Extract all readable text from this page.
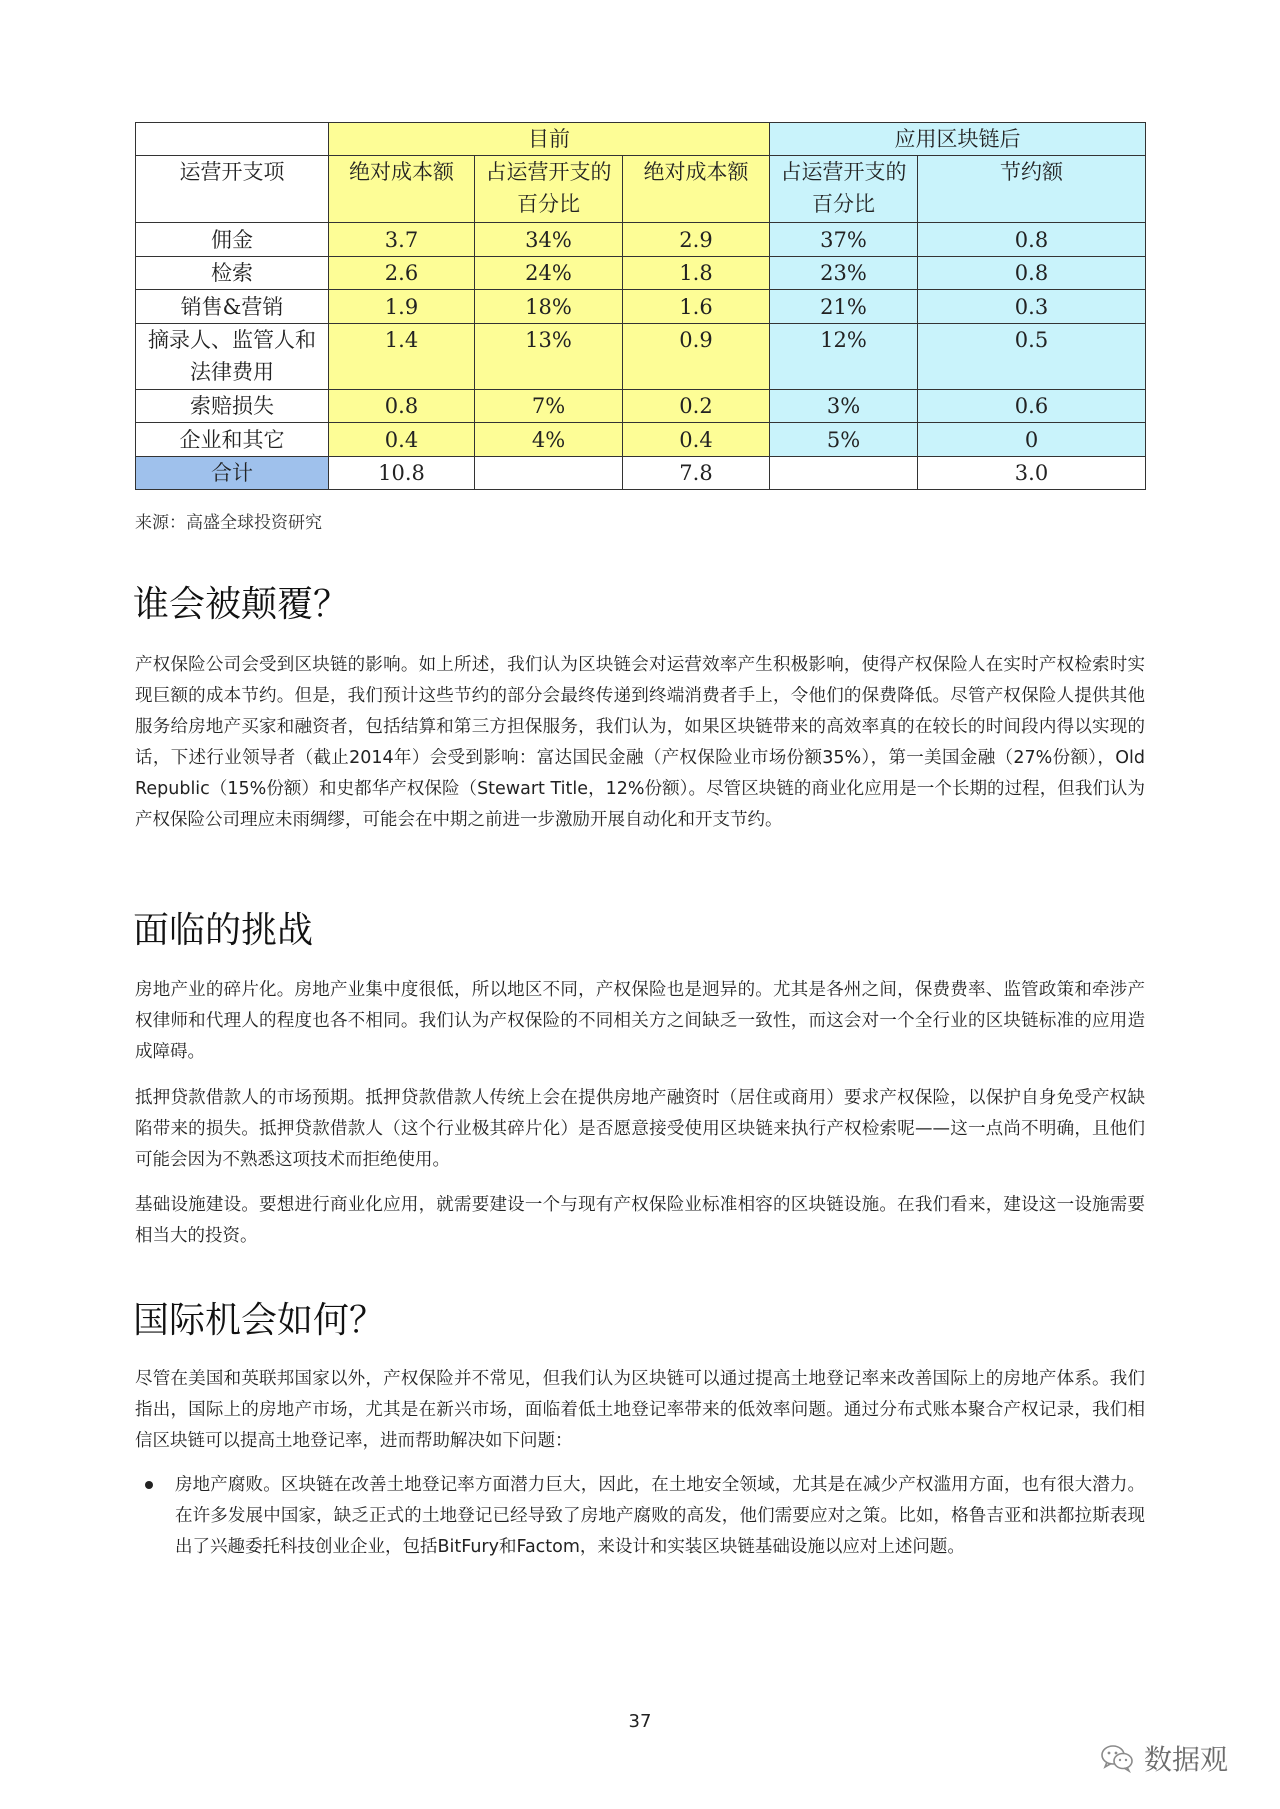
	目前			应用区块链后	
运营开支项	绝对成本额	占运营开支的百分比	绝对成本额	占运营开支的百分比	节约额
佣金	3.7	34%	2.9	37%	0.8
检索	2.6	24%	1.8	23%	0.8
销售&营销	1.9	18%	1.6	21%	0.3
摘录人、监管人和法律费用	1.4	13%	0.9	12%	0.5
索赔损失	0.8	7%	0.2	3%	0.6
企业和其它	0.4	4%	0.4	5%	0
合计	10.8		7.8		3.0
来源：高盛全球投资研究
谁会被颠覆？

产权保险公司会受到区块链的影响。如上所述，我们认为区块链会对运营效率产生积极影响，使得产权保险人在实时产权检索时实现巨额的成本节约。但是，我们预计这些节约的部分会最终传递到终端消费者手上，令他们的保费降低。尽管产权保险人提供其他服务给房地产买家和融资者，包括结算和第三方担保服务，我们认为，如果区块链带来的高效率真的在较长的时间段内得以实现的话，下述行业领导者（截止2014年）会受到影响：富达国民金融（产权保险业市场份额35%），第一美国金融（27%份额），Old Republic（15%份额）和史都华产权保险（Stewart Title，12%份额）。尽管区块链的商业化应用是一个长期的过程，但我们认为产权保险公司理应未雨绸缪，可能会在中期之前进一步激励开展自动化和开支节约。

面临的挑战

房地产业的碎片化。房地产业集中度很低，所以地区不同，产权保险也是迥异的。尤其是各州之间，保费费率、监管政策和牵涉产权律师和代理人的程度也各不相同。我们认为产权保险的不同相关方之间缺乏一致性，而这会对一个全行业的区块链标准的应用造成障碍。

抵押贷款借款人的市场预期。抵押贷款借款人传统上会在提供房地产融资时（居住或商用）要求产权保险，以保护自身免受产权缺陷带来的损失。抵押贷款借款人（这个行业极其碎片化）是否愿意接受使用区块链来执行产权检索呢——这一点尚不明确，且他们可能会因为不熟悉这项技术而拒绝使用。

基础设施建设。要想进行商业化应用，就需要建设一个与现有产权保险业标准相容的区块链设施。在我们看来，建设这一设施需要相当大的投资。

国际机会如何？

尽管在美国和英联邦国家以外，产权保险并不常见，但我们认为区块链可以通过提高土地登记率来改善国际上的房地产体系。我们指出，国际上的房地产市场，尤其是在新兴市场，面临着低土地登记率带来的低效率问题。通过分布式账本聚合产权记录，我们相信区块链可以提高土地登记率，进而帮助解决如下问题：

房地产腐败。区块链在改善土地登记率方面潜力巨大，因此，在土地安全领域，尤其是在减少产权滥用方面，也有很大潜力。在许多发展中国家，缺乏正式的土地登记已经导致了房地产腐败的高发，他们需要应对之策。比如，格鲁吉亚和洪都拉斯表现出了兴趣委托科技创业企业，包括BitFury和Factom，来设计和实装区块链基础设施以应对上述问题。

37
数据观
